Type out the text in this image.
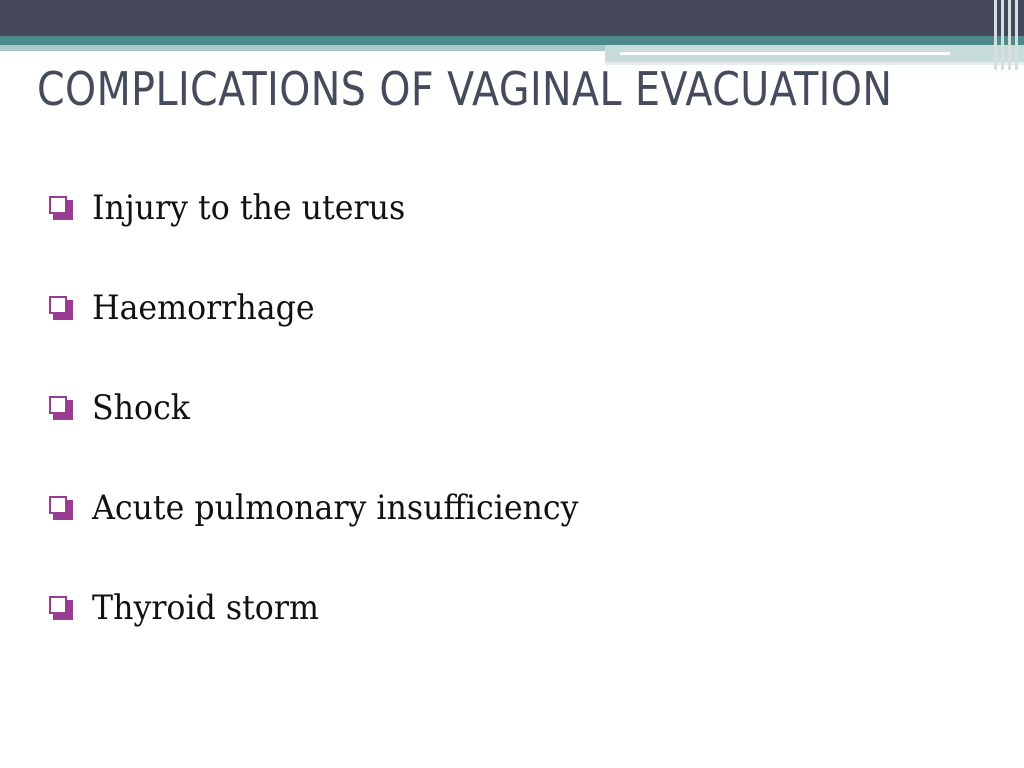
COMPLICATIONS OF VAGINAL EVACUATION
Injury to the uterus
Haemorrhage
Shock
Acute pulmonary insufficiency
Thyroid storm
